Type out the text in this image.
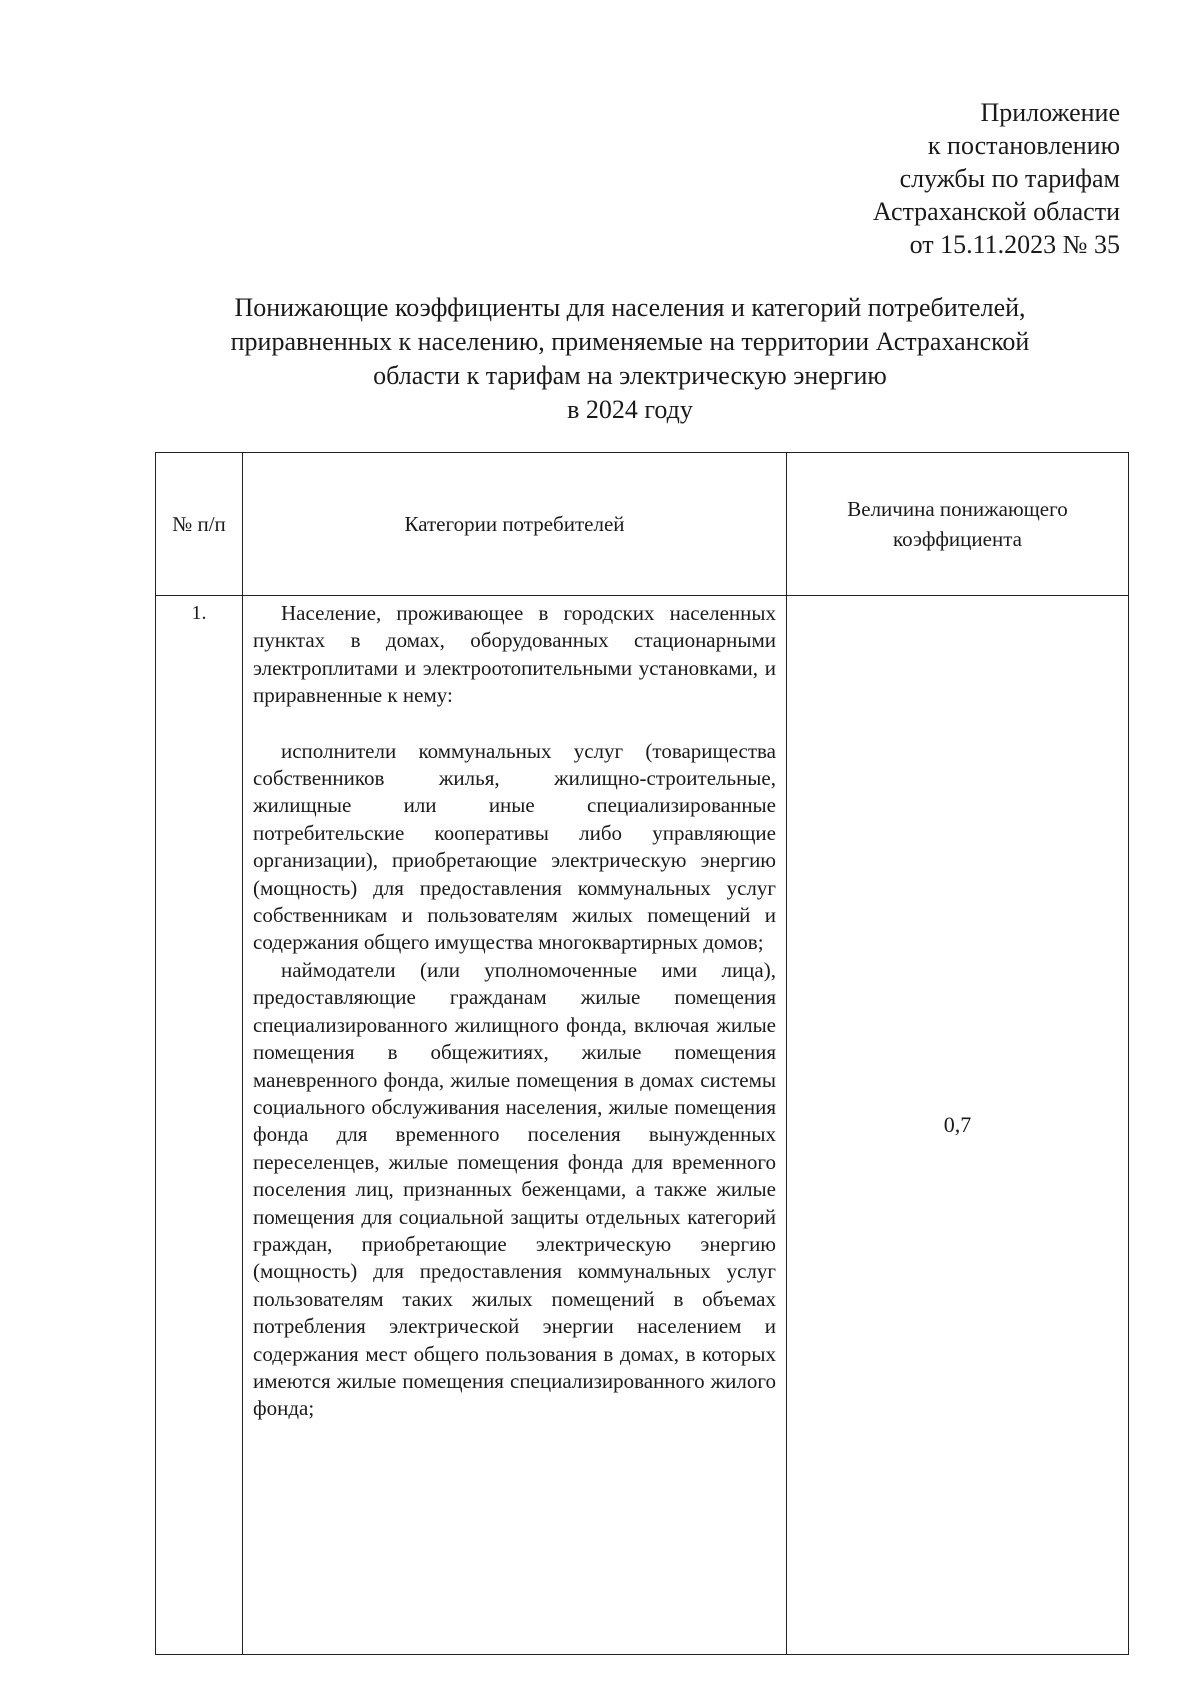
Приложение
к постановлению
службы по тарифам
Астраханской области
от 15.11.2023 № 35
Понижающие коэффициенты для населения и категорий потребителей,
приравненных к населению, применяемые на территории Астраханской
области к тарифам на электрическую энергию
в 2024 году
№ п/п	Категории потребителей	Величина понижающего коэффициента

1.	Население, проживающее в городских населенных пунктах в домах, оборудованных стационарными электроплитами и электроотопительными установками, и приравненные к нему:

исполнители коммунальных услуг (товарищества собственников жилья, жилищно-строительные, жилищные или иные специализированные потребительские кооперативы либо управляющие организации), приобретающие электрическую энергию (мощность) для предоставления коммунальных услуг собственникам и пользователям жилых помещений и содержания общего имущества многоквартирных домов;

наймодатели (или уполномоченные ими лица), предоставляющие гражданам жилые помещения специализированного жилищного фонда, включая жилые помещения в общежитиях, жилые помещения маневренного фонда, жилые помещения в домах системы социального обслуживания населения, жилые помещения фонда для временного поселения вынужденных переселенцев, жилые помещения фонда для временного поселения лиц, признанных беженцами, а также жилые помещения для социальной защиты отдельных категорий граждан, приобретающие электрическую энергию (мощность) для предоставления коммунальных услуг пользователям таких жилых помещений в объемах потребления электрической энергии населением и содержания мест общего пользования в домах, в которых имеются жилые помещения специализированного жилого фонда;	0,7
